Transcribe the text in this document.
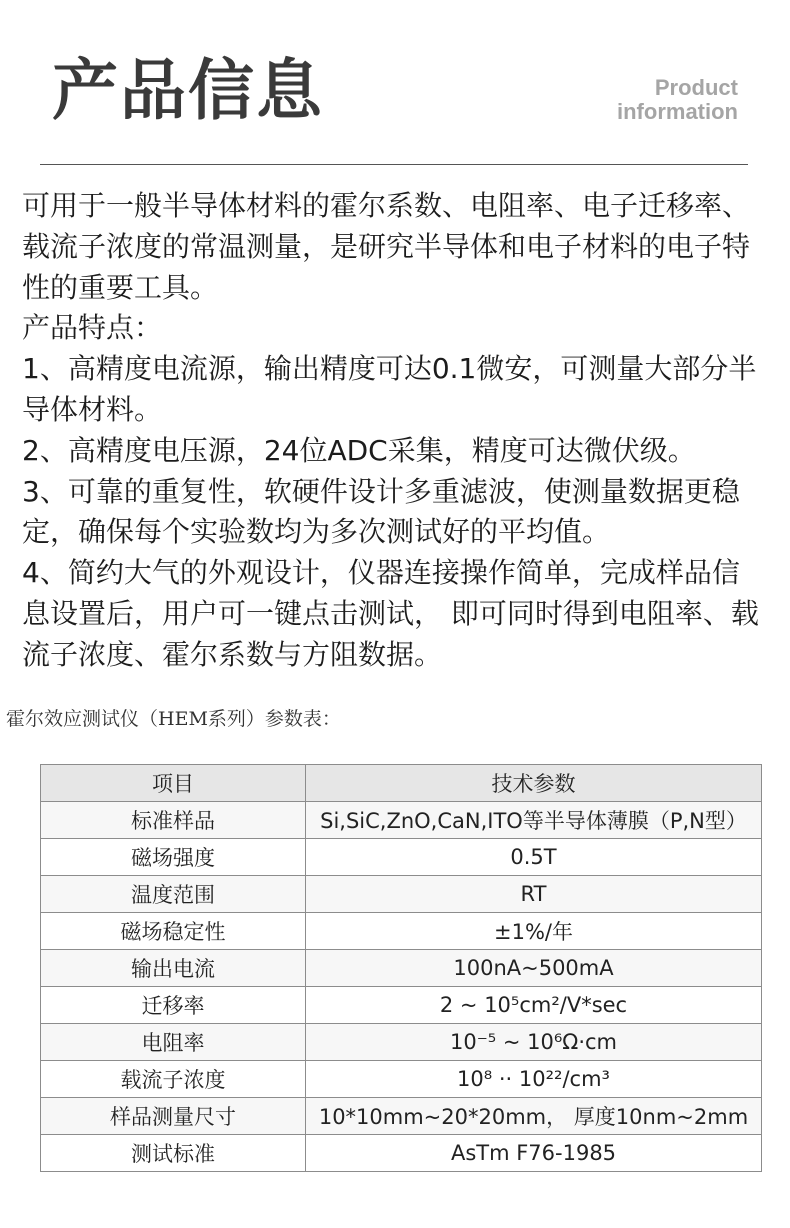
产品信息	Product
information

可用于一般半导体材料的霍尔系数、电阻率、电子迁移率、载流子浓度的常温测量，是研究半导体和电子材料的电子特性的重要工具。

产品特点：

1、高精度电流源，输出精度可达0.1微安，可测量大部分半导体材料。

2、高精度电压源，24位ADC采集，精度可达微伏级。

3、可靠的重复性，软硬件设计多重滤波，使测量数据更稳定，确保每个实验数均为多次测试好的平均值。

4、简约大气的外观设计，仪器连接操作简单，完成样品信息设置后，用户可一键点击测试， 即可同时得到电阻率、载流子浓度、霍尔系数与方阻数据。

霍尔效应测试仪（HEM系列）参数表：
项目	技术参数
标准样品	Si,SiC,ZnO,CaN,ITO等半导体薄膜（P,N型）
磁场强度	0.5T
温度范围	RT
磁场稳定性	±1%/年
输出电流	100nA~500mA
迁移率	2 ~ 10⁵cm²/V*sec
电阻率	10⁻⁵ ~ 10⁶Ω·cm
载流子浓度	10⁸ ·· 10²²/cm³
样品测量尺寸	10*10mm~20*20mm， 厚度10nm~2mm
测试标准	AsTm F76-1985
